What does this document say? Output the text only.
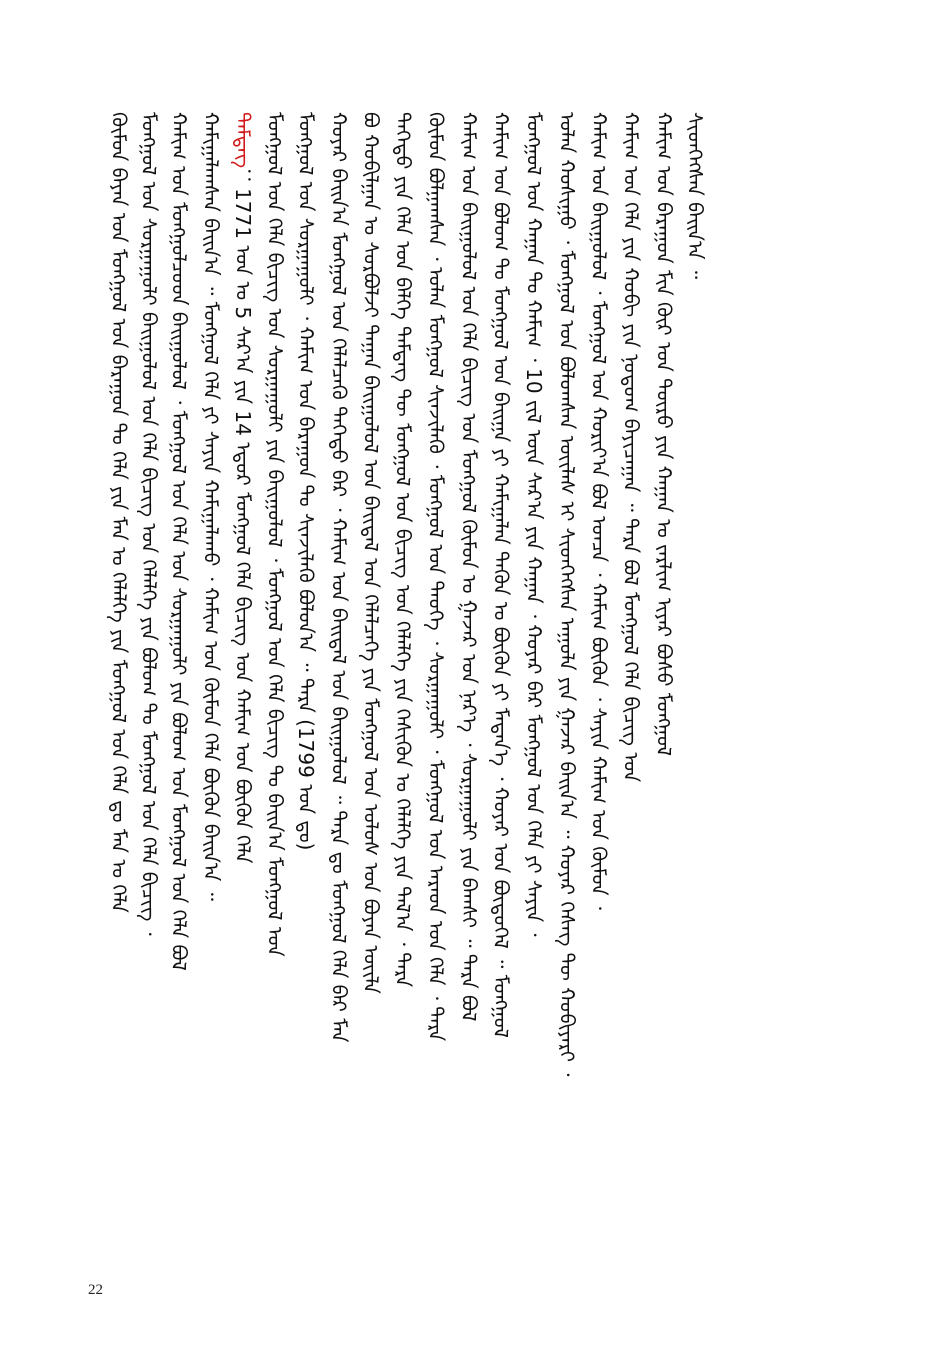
ᠰᠢᠳᠬᠡᠭᠰᠡᠨ ᠪᠠᠢᠨ᠎ᠠ ᠃
ᠬᠠᠮᠢᠭ ᠤᠨ ᠪᠠᠷᠠᠭᠤᠨ ᠮᠢᠨ ᠭᠦᠷ ᠤᠨ ᠲᠦᠷᠦ ᠶᠢᠨ ᠬᠠᠭᠠᠨ ᠤ ᠵᠠᠷᠯᠢᠭ ᠢᠶᠠᠷ ᠪᠤᠰᠤ ᠮᠣᠩᠭᠣᠯ
ᠬᠠᠮᠢᠭ ᠤᠨ ᠬᠡᠯᠡ ᠶᠢᠨ ᠬᠤᠪᠢ ᠶᠢᠨ ᠨᠤᠲᠤᠭ ᠪᠠᠶᠢᠴᠠᠭᠠᠨ ᠃ ᠲᠡᠷᠡ ᠪᠣᠯ ᠮᠣᠩᠭᠣᠯ ᠬᠡᠯᠡ ᠪᠢᠴᠢᠭ ᠤᠨ
ᠬᠠᠮᠢᠭ ᠤᠨ ᠪᠠᠢᠭᠤᠯᠤᠯ ᠂ ᠮᠣᠩᠭᠣᠯ ᠤᠨ ᠬᠣᠷᠢᠶ᠎ᠠ ᠪᠣᠯ ᠣᠨᠴᠠ ᠂ ᠬᠠᠮᠢᠭ ᠪᠦᠬᠦᠨ ᠂ ᠰᠠᠶᠢᠨ ᠬᠠᠮᠢᠭ ᠤᠨ ᠬᠦᠮᠦᠨ ᠂
ᠣᠯᠠᠨ ᠬᠣᠰᠢᠭᠤ ᠂ ᠮᠣᠩᠭᠣᠯ ᠤᠨ ᠪᠣᠯᠣᠭᠰᠠᠨ ᠦᠢᠯᠡᠰ ᠢ ᠰᠢᠳᠬᠡᠭᠰᠡᠨ ᠠᠭᠤᠯᠠ ᠶᠢᠨ ᠭᠠᠵᠠᠷ ᠪᠠᠢᠨ᠎ᠠ ᠃ ᠬᠣᠶᠠᠷ ᠬᠡᠰᠡᠭ ᠲᠦ ᠬᠤᠪᠢᠶᠠᠷᠢ ᠂
ᠮᠣᠩᠭᠣᠯ ᠤᠨ ᠬᠠᠭᠠᠨ ᠲᠤ ᠬᠠᠮᠢᠭ ᠂ 10 ᠵᠢᠯ ᠦᠨ ᠰᠠᠷ᠎ᠠ ᠶᠢᠨ ᠬᠠᠭᠠᠨ ᠂ ᠬᠣᠶᠠᠷ ᠪᠡᠷ ᠮᠣᠩᠭᠣᠯ ᠤᠨ ᠬᠡᠯᠡ ᠶᠢ ᠰᠠᠶᠢᠨ ᠂
ᠬᠠᠮᠢᠭ ᠤᠨ ᠪᠤᠯᠤᠭ ᠲᠤ ᠮᠣᠩᠭᠣᠯ ᠤᠨ ᠪᠠᠢᠭᠠ ᠶᠢ ᠬᠠᠮᠢᠭᠠᠯᠠᠨ ᠲᠡᠭᠦᠨ ᠤ ᠪᠦᠬᠦᠨ ᠶᠢ ᠮᠡᠳᠡᠨ᠎ᠡ ᠂ ᠬᠣᠶᠠᠷ ᠤᠨ ᠪᠦᠲᠦᠭᠡᠯ ᠃ ᠮᠣᠩᠭᠣᠯ
ᠬᠠᠮᠢᠭ ᠤᠨ ᠪᠠᠢᠭᠤᠯᠤᠯ ᠤᠨ ᠬᠡᠯᠡ ᠪᠢᠴᠢᠭ ᠤᠨ ᠮᠣᠩᠭᠣᠯ ᠬᠦᠮᠦᠨ ᠤ ᠭᠠᠵᠠᠷ ᠤᠨ ᠨᠡᠷ᠎ᠡ ᠂ ᠰᠤᠷᠭᠠᠭᠤᠯᠢ ᠶᠢᠨ ᠪᠠᠭᠰᠢ ᠃ ᠲᠡᠷᠡ ᠪᠣᠯ
ᠬᠦᠮᠦᠨ ᠪᠣᠯᠭᠠᠭᠰᠠᠨ ᠂ ᠣᠯᠠᠨ ᠮᠣᠩᠭᠣᠯ ᠰᠢᠨᠵᠢᠯᠡᠬᠦ ᠂ ᠮᠣᠩᠭᠣᠯ ᠤᠨ ᠲᠡᠦᠬᠡ ᠂ ᠰᠤᠷᠭᠠᠭᠤᠯᠢ ᠂ ᠮᠣᠩᠭᠣᠯ ᠤᠨ ᠠᠷᠠᠳ ᠤᠨ ᠬᠡᠯᠡ ᠂ ᠲᠡᠷᠡ
ᠳᠡᠭᠡᠳᠦ ᠶᠢᠨ ᠬᠡᠯᠡ ᠤᠨ ᠪᠡᠯᠭᠡ ᠲᠡᠮᠳᠡᠭ ᠲᠦ ᠮᠣᠩᠭᠣᠯ ᠤᠨ ᠪᠢᠴᠢᠭ ᠤᠨ ᠬᠡᠯᠡᠯᠭᠡ ᠶᠢᠨ ᠭᠡᠰᠢᠭᠦᠨ ᠤ ᠬᠡᠯᠡᠯᠭᠡ ᠶᠢᠨ ᠲᠠᠯ᠎ᠠ ᠂ ᠲᠡᠷᠡ
ᠪᠣ ᠬᠤᠪᠢᠯᠭᠠᠨ ᠤ ᠰᠤᠷᠪᠤᠯᠵᠢ ᠳᠠᠭᠠᠨ ᠪᠠᠢᠭᠤᠯᠤᠯ ᠤᠨ ᠪᠠᠢᠳᠠᠯ ᠤᠨ ᠬᠡᠯᠡᠯᠴᠡᠭᠡ ᠶᠢᠨ ᠮᠣᠩᠭᠣᠯ ᠤᠨ ᠤᠯᠤᠰ ᠤᠨ ᠪᠤᠶᠠᠨ ᠦᠢᠯᠡ
ᠬᠣᠶᠠᠷ ᠪᠠᠢᠨ᠎ᠠ ᠮᠣᠩᠭᠣᠯ ᠤᠨ ᠬᠡᠯᠡᠯᠴᠡᠬᠦ ᠳᠡᠭᠡᠳᠦ ᠪᠡᠷ ᠂ ᠬᠠᠮᠢᠭ ᠤᠨ ᠪᠠᠢᠳᠠᠯ ᠤᠨ ᠪᠠᠢᠭᠤᠯᠤᠯ ᠃ ᠲᠡᠷᠡ ᠳᠤ ᠮᠣᠩᠭᠣᠯ ᠬᠡᠯᠡ ᠪᠡᠷ ᠮᠠᠨ
ᠮᠣᠩᠭᠣᠯ ᠤᠨ ᠰᠤᠷᠭᠠᠭᠤᠯᠢ ᠂ ᠬᠠᠮᠢᠭ ᠤᠨ ᠪᠠᠷᠠᠭᠤᠨ ᠲᠤ ᠰᠢᠨᠵᠢᠯᠡᠬᠦ ᠪᠣᠯᠤᠨ᠎ᠠ ᠃ ᠲᠡᠷᠡ (1799 ᠣᠨ ᠳᠤ)
ᠮᠣᠩᠭᠣᠯ ᠤᠨ ᠬᠡᠯᠡ ᠪᠢᠴᠢᠭ ᠤᠨ ᠰᠤᠷᠭᠠᠭᠤᠯᠢ ᠶᠢᠨ ᠪᠠᠢᠭᠤᠯᠤᠯ ᠂ ᠮᠣᠩᠭᠣᠯ ᠤᠨ ᠬᠡᠯᠡ ᠪᠢᠴᠢᠭ ᠲᠤ ᠪᠠᠢᠨ᠎ᠠ ᠮᠣᠩᠭᠣᠯ ᠤᠨ
ᠲᠡᠮᠳᠡᠭ：1771 ᠣᠨ ᠤ 5 ᠰᠠᠷ᠎ᠠ ᠶᠢᠨ 14 ᠡᠳᠦᠷ ᠮᠣᠩᠭᠣᠯ ᠬᠡᠯᠡ ᠪᠢᠴᠢᠭ ᠤᠨ ᠬᠠᠮᠢᠭ ᠤᠨ ᠪᠦᠬᠦᠨ ᠬᠡᠯᠡ
ᠬᠠᠮᠢᠭᠠᠯᠠᠭᠰᠠᠨ ᠪᠠᠢᠨ᠎ᠠ ᠃ ᠮᠣᠩᠭᠣᠯ ᠬᠡᠯᠡ ᠶᠢ ᠰᠠᠶᠢᠨ ᠬᠠᠮᠢᠭᠠᠯᠠᠬᠤ ᠂ ᠬᠠᠮᠢᠭ ᠤᠨ ᠬᠦᠮᠦᠨ ᠬᠡᠯᠡ ᠪᠦᠬᠦᠨ ᠪᠠᠢᠨ᠎ᠠ ᠃
ᠬᠠᠮᠢᠭ ᠤᠨ ᠮᠣᠩᠭᠣᠯᠴᠤᠳ ᠪᠠᠢᠭᠤᠯᠤᠯ ᠂ ᠮᠣᠩᠭᠣᠯ ᠤᠨ ᠬᠡᠯᠡ ᠤᠨ ᠰᠤᠷᠭᠠᠭᠤᠯᠢ ᠶᠢᠨ ᠪᠤᠯᠤᠭ ᠤᠨ ᠮᠣᠩᠭᠣᠯ ᠤᠨ ᠬᠡᠯᠡ ᠪᠣᠯ
ᠮᠣᠩᠭᠣᠯ ᠤᠨ ᠰᠤᠷᠭᠠᠭᠤᠯᠢ ᠪᠠᠢᠭᠤᠯᠤᠯ ᠤᠨ ᠬᠡᠯᠡ ᠪᠢᠴᠢᠭ ᠤᠨ ᠬᠡᠯᠡᠯᠭᠡ ᠶᠢᠨ ᠪᠤᠯᠤᠭ ᠲᠤ ᠮᠣᠩᠭᠣᠯ ᠤᠨ ᠬᠡᠯᠡ ᠪᠢᠴᠢᠭ ᠂
ᠬᠦᠮᠦᠨ ᠪᠠᠶᠠᠨ ᠤᠨ ᠮᠣᠩᠭᠣᠯ ᠤᠨ ᠪᠠᠷᠠᠭᠤᠨ ᠲᠤ ᠬᠡᠯᠡ ᠶᠢᠨ ᠮᠠᠨ ᠤ ᠬᠡᠯᠡᠯᠭᠡ ᠶᠢᠨ ᠮᠣᠩᠭᠣᠯ ᠤᠨ ᠬᠡᠯᠡ ᠳᠤ ᠮᠠᠨ ᠤ ᠬᠡᠯᠡ
22
